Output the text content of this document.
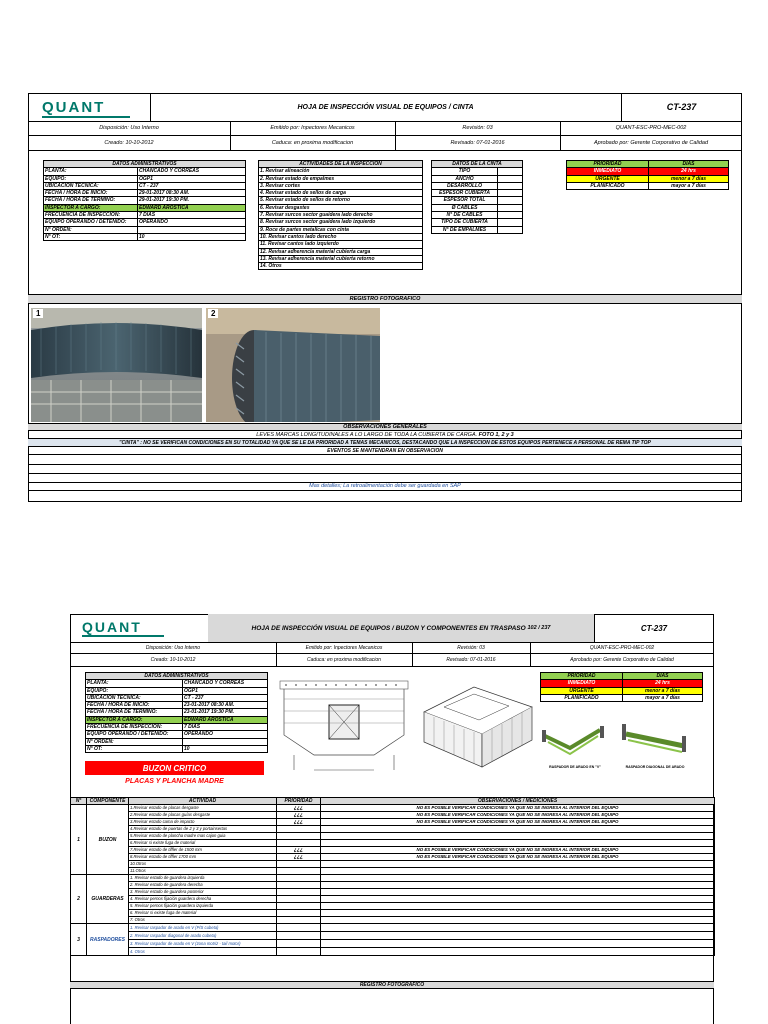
QUANT	HOJA DE INSPECCIÓN VISUAL DE EQUIPOS / CINTA	CT-237
Disposición: Uso Interno	Emitido por: Inpectores Mecanicos	Revisión: 03	QUANT-ESC-PRO-MEC-002
Creado: 10-10-2012	Caduca: en proxima modificacion	Revisado: 07-01-2016	Aprobado por: Gerente Corporativo de Calidad
DATOS ADMINISTRATIVOS	
PLANTA:	CHANCADO Y CORREAS
EQUIPO:	OGP1
UBICACION TECNICA:	CT - 237
FECHA / HORA DE INICIO:	29-01-2017 08:30 AM.
FECHA / HORA DE TERMINO:	29-01-2017 19:30 PM.
INSPECTOR A CARGO:	EDWARD AROSTICA
FRECUENCIA DE INSPECCION:	7 DIAS
EQUIPO OPERANDO / DETENIDO:	OPERANDO
N° ORDEN:	
N° OT:	10
ACTIVIDADES DE LA INSPECCION
1. Revisar alineación
2. Revisar estado de empalmes
3. Revisar cortes
4. Revisar estado de sellos de carga
5. Revisar estado de sellos de retorno
6. Revisar desgastes
7. Revisar surcos sector guaidera lado derecho
8. Revisar surcos sector guaidera lado izquierdo
9. Roce de partes metalicas con cinta
10. Revisar cantos lado derecho
11. Revisar cantos lado izquierdo
12. Revisar adherencia material cubierta carga
13. Revisar adherencia material cubierta retorno
14. Otros
DATOS DE LA CINTA	
TIPO	
ANCHO	
DESARROLLO	
ESPESOR CUBIERTA	
ESPESOR TOTAL	
Ø CABLES	
N° DE CABLES	
TIPO DE CUBIERTA	
N° DE EMPALMES	
PRIORIDAD	DIAS
INMEDIATO	24 hrs
URGENTE	menor a 7 días
PLANIFICADO	mayor a 7 días
REGISTRO FOTOGRAFICO
1	2
OBSERVACIONES GENERALES
LEVES MARCAS LONGITUDINALES A LO LARGO DE TODA LA CUBIERTA DE CARGA.
FOTO 1, 2 y 3
"CINTA" : NO SE VERIFICAN CONDICIONES EN SU TOTALIDAD YA QUE SE LE DA PRIORIDAD A TEMAS MECANICOS, DESTACANDO QUE LA INSPECCION DE ESTOS EQUIPOS PERTENECE A PERSONAL DE REMA TIP TOP
EVENTOS SE MANTENDRAN EN OBSERVACION
Mas detalles; La retroalimentación debe ser guardada en SAP
QUANT	HOJA DE INSPECCIÓN VISUAL DE EQUIPOS / BUZON Y COMPONENTES EN TRASPASO
102 / 237	CT-237
Disposición: Uso Interno	Emitido por: Inpectores Mecanicos	Revisión: 03	QUANT-ESC-PRO-MEC-002
Creado: 10-10-2012	Caduca: en proxima modificacion	Revisado: 07-01-2016	Aprobado por: Gerente Corporativo de Calidad
DATOS ADMINISTRATIVOS	
PLANTA:	CHANCADO Y CORREAS
EQUIPO:	OGP1
UBICACION TECNICA:	CT - 237
FECHA / HORA DE INICIO:	23-01-2017 08:30 AM.
FECHA / HORA DE TERMINO:	23-01-2017 19:30 PM.
INSPECTOR A CARGO:	EDWARD AROSTICA
FRECUENCIA DE INSPECCION:	7 DIAS
EQUIPO OPERANDO / DETENIDO:	OPERANDO
N° ORDEN:	
N° OT:	10
BUZON CRITICO
PLACAS Y PLANCHA MADRE
RASPADOR DE ARADO EN "V"	RASPADOR DIAGONAL DE ARADO
PRIORIDAD	DIAS
INMEDIATO	24 hrs
URGENTE	menor a 7 días
PLANIFICADO	mayor a 7 días
N°	COMPONENTE	ACTIVIDAD	PRIORIDAD	OBSERVACIONES / MEDICIONES
1	BUZON	1.Revisar estado de placas desgaste	¿¿¿	NO ES POSIBLE VERIFICAR CONDICIONES YA QUE NO SE INGRESA AL INTERIOR DEL EQUIPO
		2.Revisar estado de placas guías desgaste	¿¿¿	NO ES POSIBLE VERIFICAR CONDICIONES YA QUE NO SE INGRESA AL INTERIOR DEL EQUIPO
		3.Revisar estado cama de impacto	¿¿¿	NO ES POSIBLE VERIFICAR CONDICIONES YA QUE NO SE INGRESA AL INTERIOR DEL EQUIPO
		4.Revisar estado de puertas de 2 y 3 y portainsertas		
		5.Revisar estado de plancha madre mas cajon guia		
		6.Revisar si existe fuga de material		
		7.Revisar estado de tiffler de 1500 mm	¿¿¿	NO ES POSIBLE VERIFICAR CONDICIONES YA QUE NO SE INGRESA AL INTERIOR DEL EQUIPO
		8.Revisar estado de tiffler 1700 mm	¿¿¿	NO ES POSIBLE VERIFICAR CONDICIONES YA QUE NO SE INGRESA AL INTERIOR DEL EQUIPO
		10.Otros		
		11.Otros		
2	GUARDERAS	1. Revisar estado de guardera izquierda		
		2. Revisar estado de guardera derecha		
		3. Revisar estado de guardera posterior		
		4. Revisar pernos fijación guardera derecha		
		5. Revisar pernos fijación guardera izquierda		
		6. Revisar si existe fuga de material		
		7. Otros		
3	RASPADORES	1. Revisar raspador de arado en V (P/S cubeta)		
		2. Revisar raspador diagonal de arado cubeta)		
		3. Revisar raspador de arado en V (zona motriz - tail motor)		
		4. Otros		
REGISTRO FOTOGRAFICO
